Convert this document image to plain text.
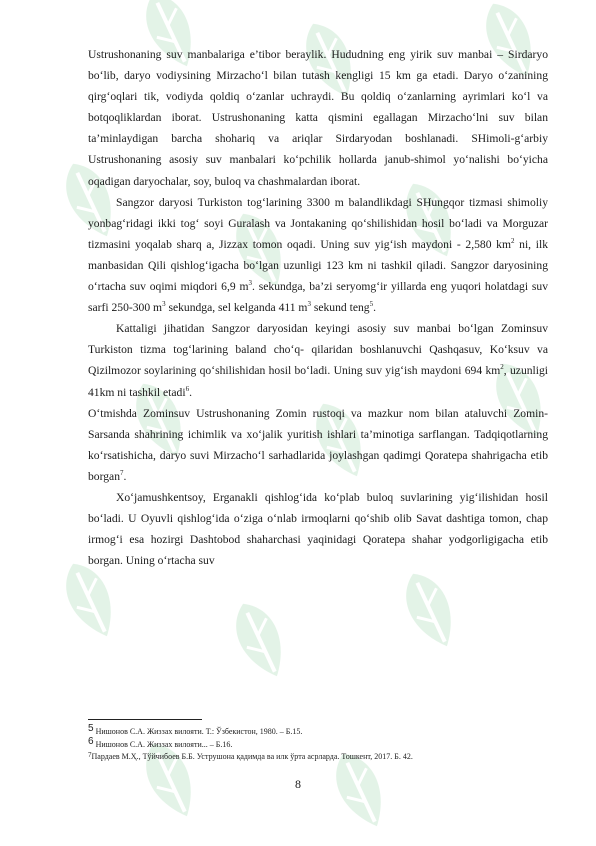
Ustrushonaning suv manbalariga e’tibor beraylik. Hududning eng yirik suv manbai – Sirdaryo bo‘lib, daryo vodiysining Mirzacho‘l bilan tutash kengligi 15 km ga etadi. Daryo o‘zanining qirg‘oqlari tik, vodiyda qoldiq o‘zanlar uchraydi. Bu qoldiq o‘zanlarning ayrimlari ko‘l va botqoqliklardan iborat. Ustrushonaning katta qismini egallagan Mirzacho‘lni suv bilan ta’minlaydigan barcha shohariq va ariqlar Sirdaryodan boshlanadi. SHimoli-g‘arbiy Ustrushonaning asosiy suv manbalari ko‘pchilik hollarda janub-shimol yo‘nalishi bo‘yicha oqadigan daryochalar, soy, buloq va chashmalardan iborat.

Sangzor daryosi Turkiston tog‘larining 3300 m balandlikdagi SHungqor tizmasi shimoliy yonbag‘ridagi ikki tog‘ soyi Guralash va Jontakaning qo‘shilishidan hosil bo‘ladi va Morguzar tizmasini yoqalab sharq a, Jizzax tomon oqadi. Uning suv yig‘ish maydoni - 2,580 $km^2$ ni, ilk manbasidan Qili qishlog‘igacha bo‘lgan uzunligi 123 km ni tashkil qiladi. Sangzor daryosining o‘rtacha suv oqimi miqdori 6,9 $m^3$. sekundga, ba’zi seryomg‘ir yillarda eng yuqori holatdagi suv sarfi 250-300 $m^3$ sekundga, sel kelganda 411 $m^3$ sekund teng$^5$.

Kattaligi jihatidan Sangzor daryosidan keyingi asosiy suv manbai bo‘lgan Zominsuv Turkiston tizma tog‘larining baland cho‘q- qilaridan boshlanuvchi Qashqasuv, Ko‘ksuv va Qizilmozor soylarining qo‘shilishidan hosil bo‘ladi. Uning suv yig‘ish maydoni 694 $km^2$, uzunligi 41km ni tashkil etadi$^6$.

O‘tmishda Zominsuv Ustrushonaning Zomin rustoqi va mazkur nom bilan ataluvchi Zomin-Sarsanda shahrining ichimlik va xo‘jalik yuritish ishlari ta’minotiga sarflangan. Tadqiqotlarning ko‘rsatishicha, daryo suvi Mirzacho‘l sarhadlarida joylashgan qadimgi Qoratepa shahrigacha etib borgan$^7$.

Xo‘jamushkentsoy, Erganakli qishlog‘ida ko‘plab buloq suvlarining yig‘ilishidan hosil bo‘ladi. U Oyuvli qishlog‘ida o‘ziga o‘nlab irmoqlarni qo‘shib olib Savat dashtiga tomon, chap irmog‘i esa hozirgi Dashtobod shaharchasi yaqinidagi Qoratepa shahar yodgorligigacha etib borgan. Uning o‘rtacha suv

5 Нишонов С.А. Жиззах вилояти. Т.: Ўзбекистон, 1980. – Б.15.

6 Нишонов С.А. Жиззах вилояти... – Б.16.

7Пардаев М.Ҳ., Тўйчибоев Б.Б. Уструшона қадимда ва илк ўрта асрларда. Тошкент, 2017. Б. 42.

8
